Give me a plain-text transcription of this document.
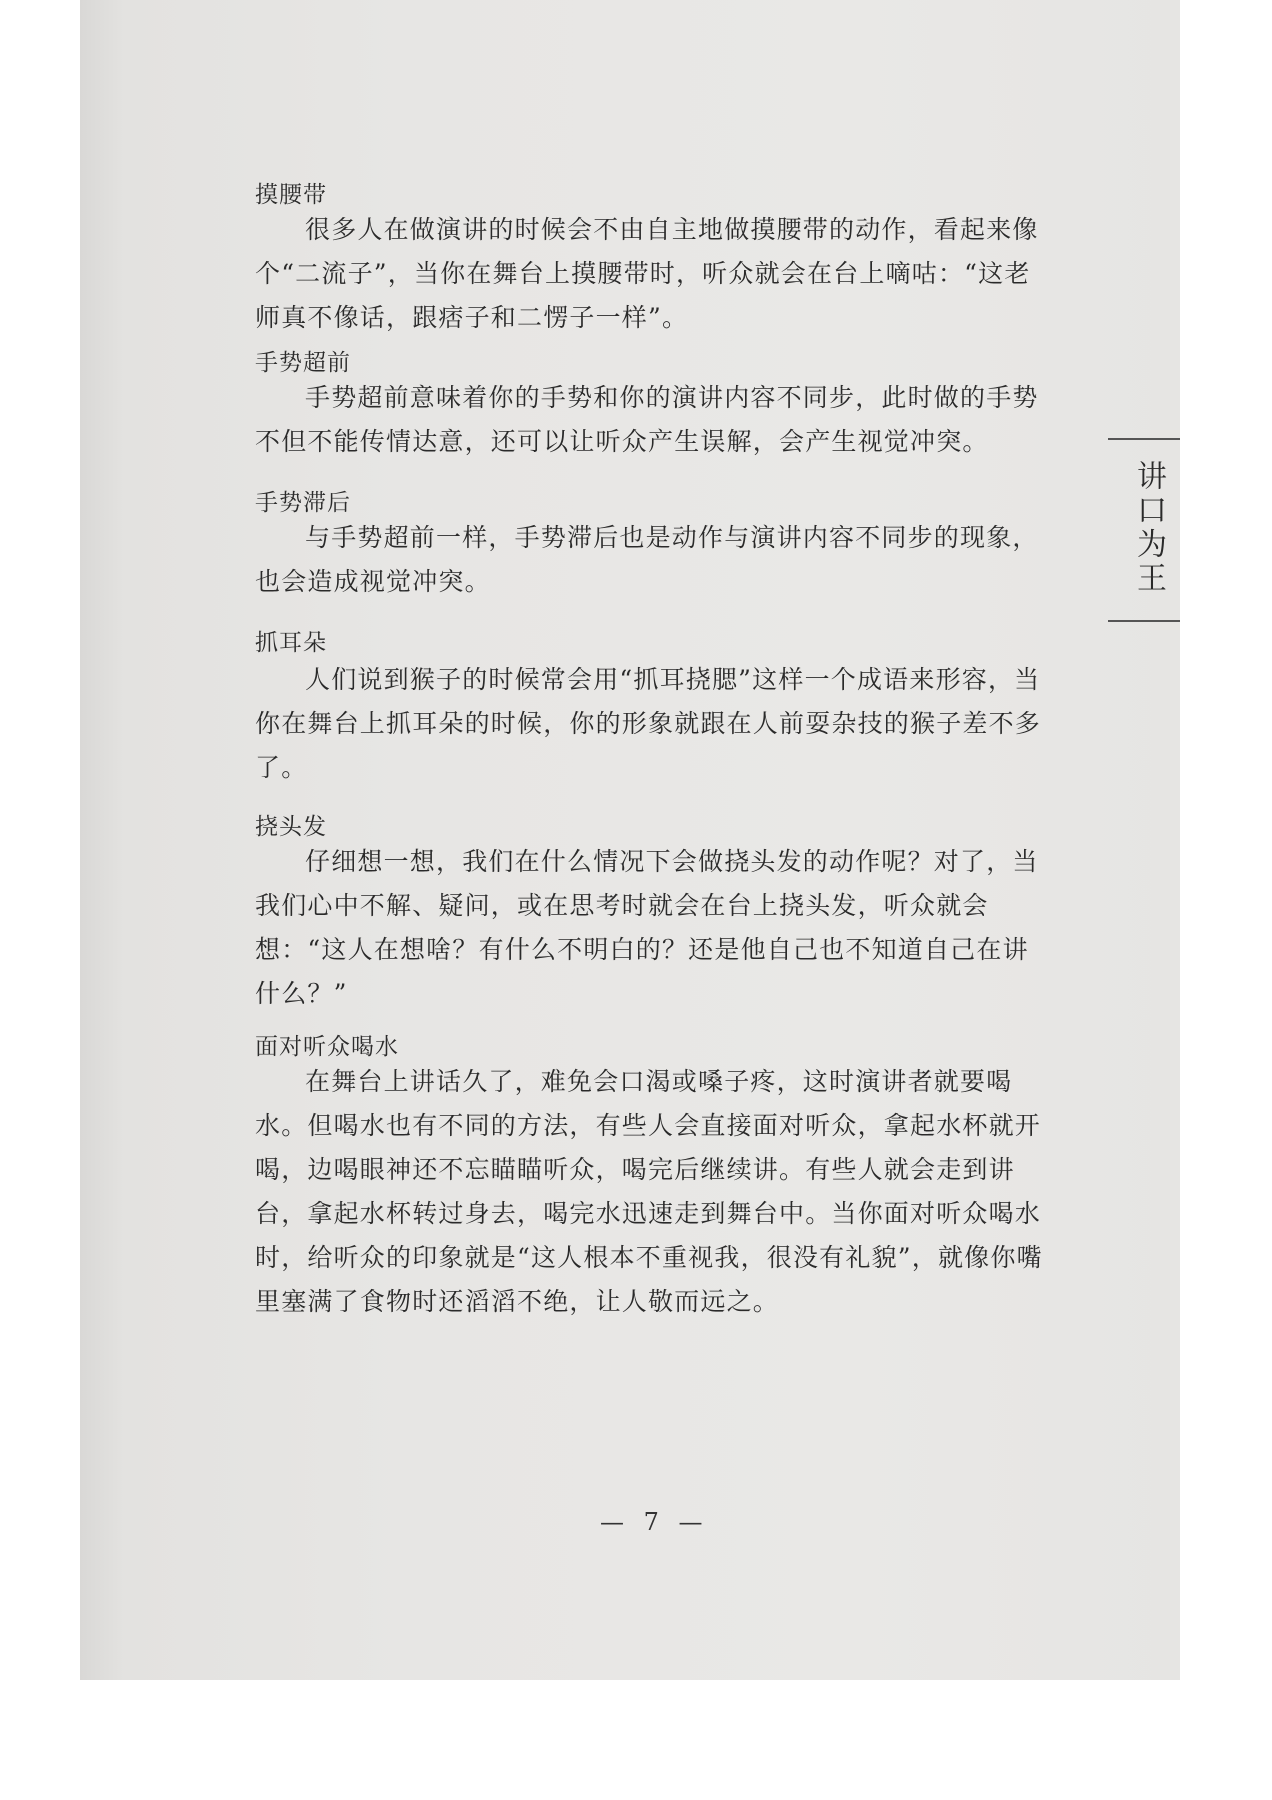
摸腰带
很多人在做演讲的时候会不由自主地做摸腰带的动作，看起来像个“二流子”，当你在舞台上摸腰带时，听众就会在台上嘀咕：“这老师真不像话，跟痞子和二愣子一样”。
手势超前
手势超前意味着你的手势和你的演讲内容不同步，此时做的手势不但不能传情达意，还可以让听众产生误解，会产生视觉冲突。
手势滞后
与手势超前一样，手势滞后也是动作与演讲内容不同步的现象，也会造成视觉冲突。
抓耳朵
人们说到猴子的时候常会用“抓耳挠腮”这样一个成语来形容，当你在舞台上抓耳朵的时候，你的形象就跟在人前耍杂技的猴子差不多了。
挠头发
仔细想一想，我们在什么情况下会做挠头发的动作呢？对了，当我们心中不解、疑问，或在思考时就会在台上挠头发，听众就会想：“这人在想啥？有什么不明白的？还是他自己也不知道自己在讲什么？”
面对听众喝水
在舞台上讲话久了，难免会口渴或嗓子疼，这时演讲者就要喝水。但喝水也有不同的方法，有些人会直接面对听众，拿起水杯就开喝，边喝眼神还不忘瞄瞄听众，喝完后继续讲。有些人就会走到讲台，拿起水杯转过身去，喝完水迅速走到舞台中。当你面对听众喝水时，给听众的印象就是“这人根本不重视我，很没有礼貌”，就像你嘴里塞满了食物时还滔滔不绝，让人敬而远之。
讲口为王
— 7 —
